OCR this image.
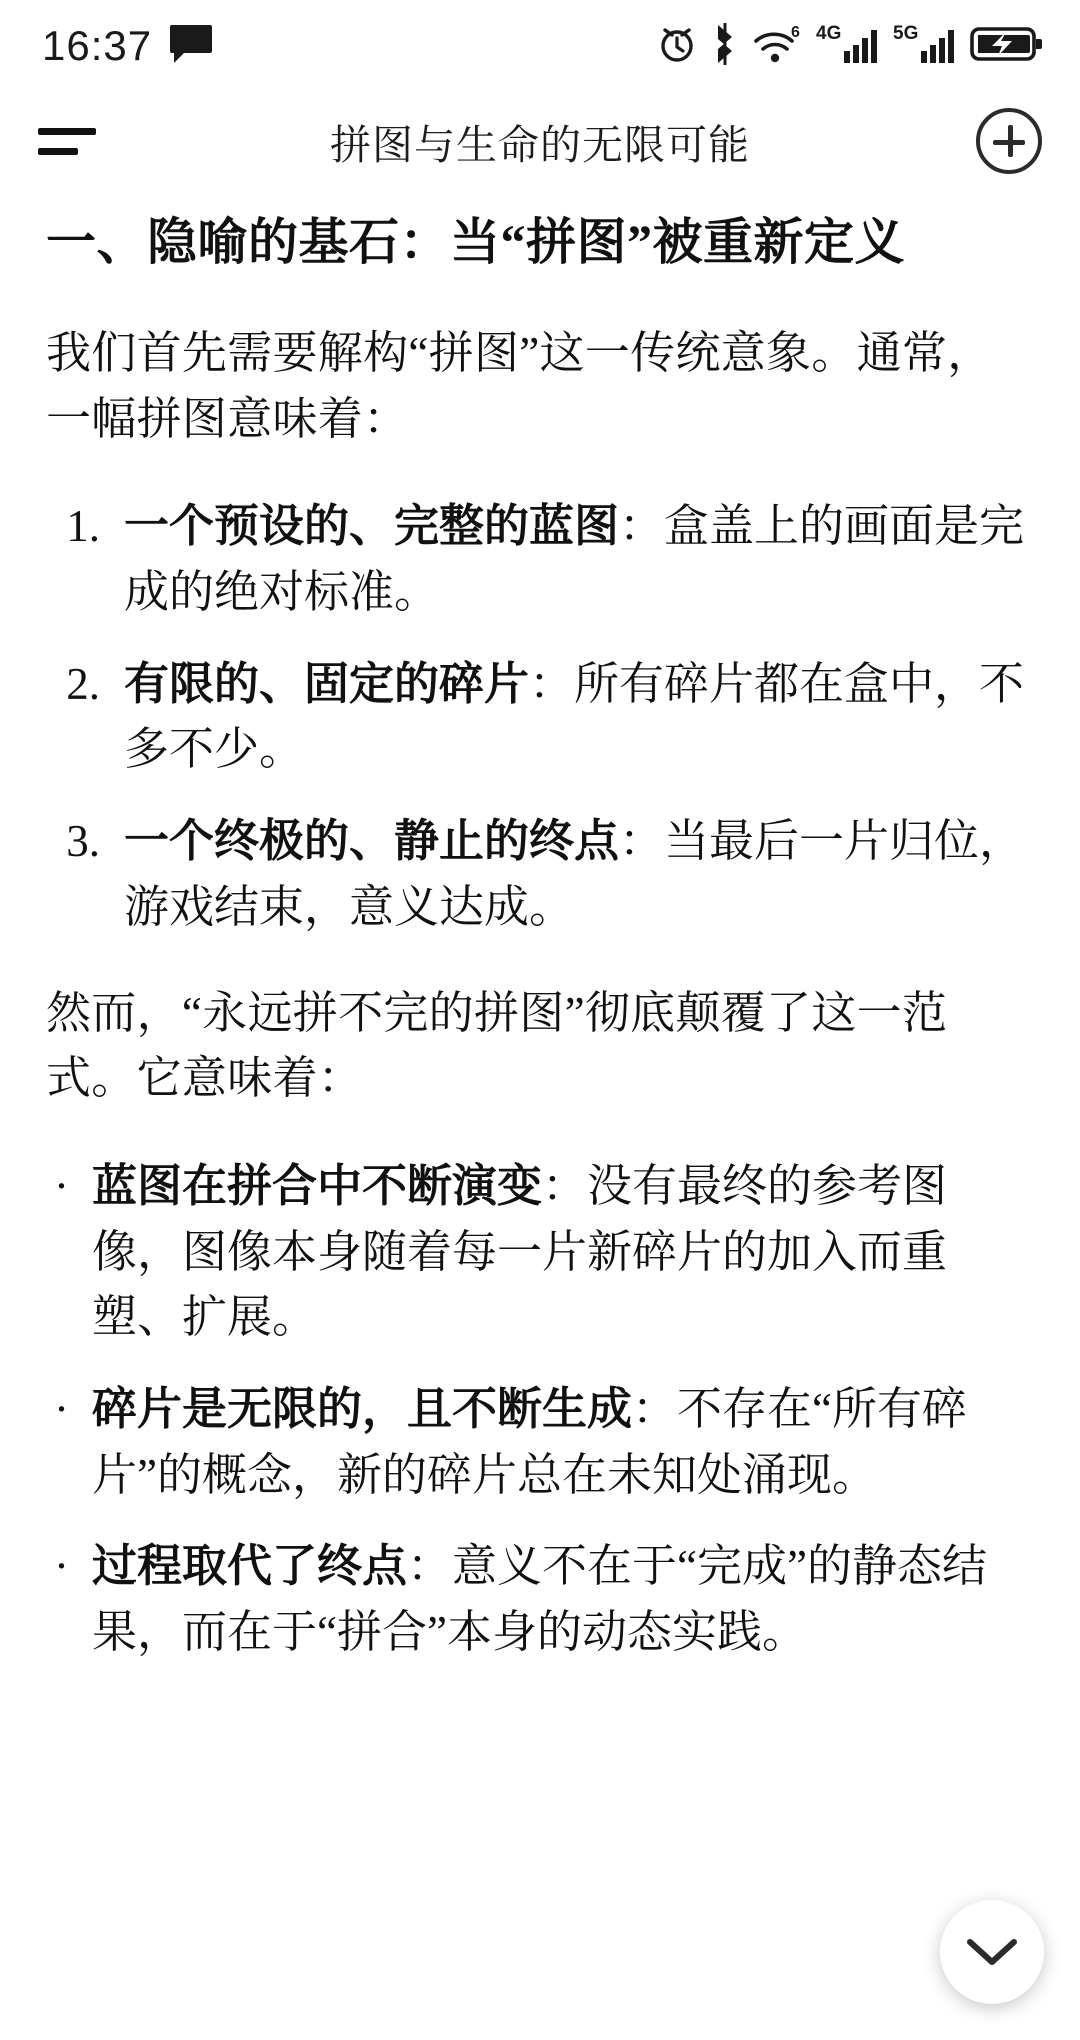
16:37	6 4G	5G
拼图与生命的无限可能
一、隐喻的基石：当“拼图”被重新定义

我们首先需要解构“拼图”这一传统意象。通常，一幅拼图意味着：

1. 一个预设的、完整的蓝图：盒盖上的画面是完成的绝对标准。
2. 有限的、固定的碎片：所有碎片都在盒中，不多不少。
3. 一个终极的、静止的终点：当最后一片归位，游戏结束，意义达成。

然而，“永远拼不完的拼图”彻底颠覆了这一范式。它意味着：

· 蓝图在拼合中不断演变：没有最终的参考图像，图像本身随着每一片新碎片的加入而重塑、扩展。
· 碎片是无限的，且不断生成：不存在“所有碎片”的概念，新的碎片总在未知处涌现。
· 过程取代了终点：意义不在于“完成”的静态结果，而在于“拼合”本身的动态实践。
